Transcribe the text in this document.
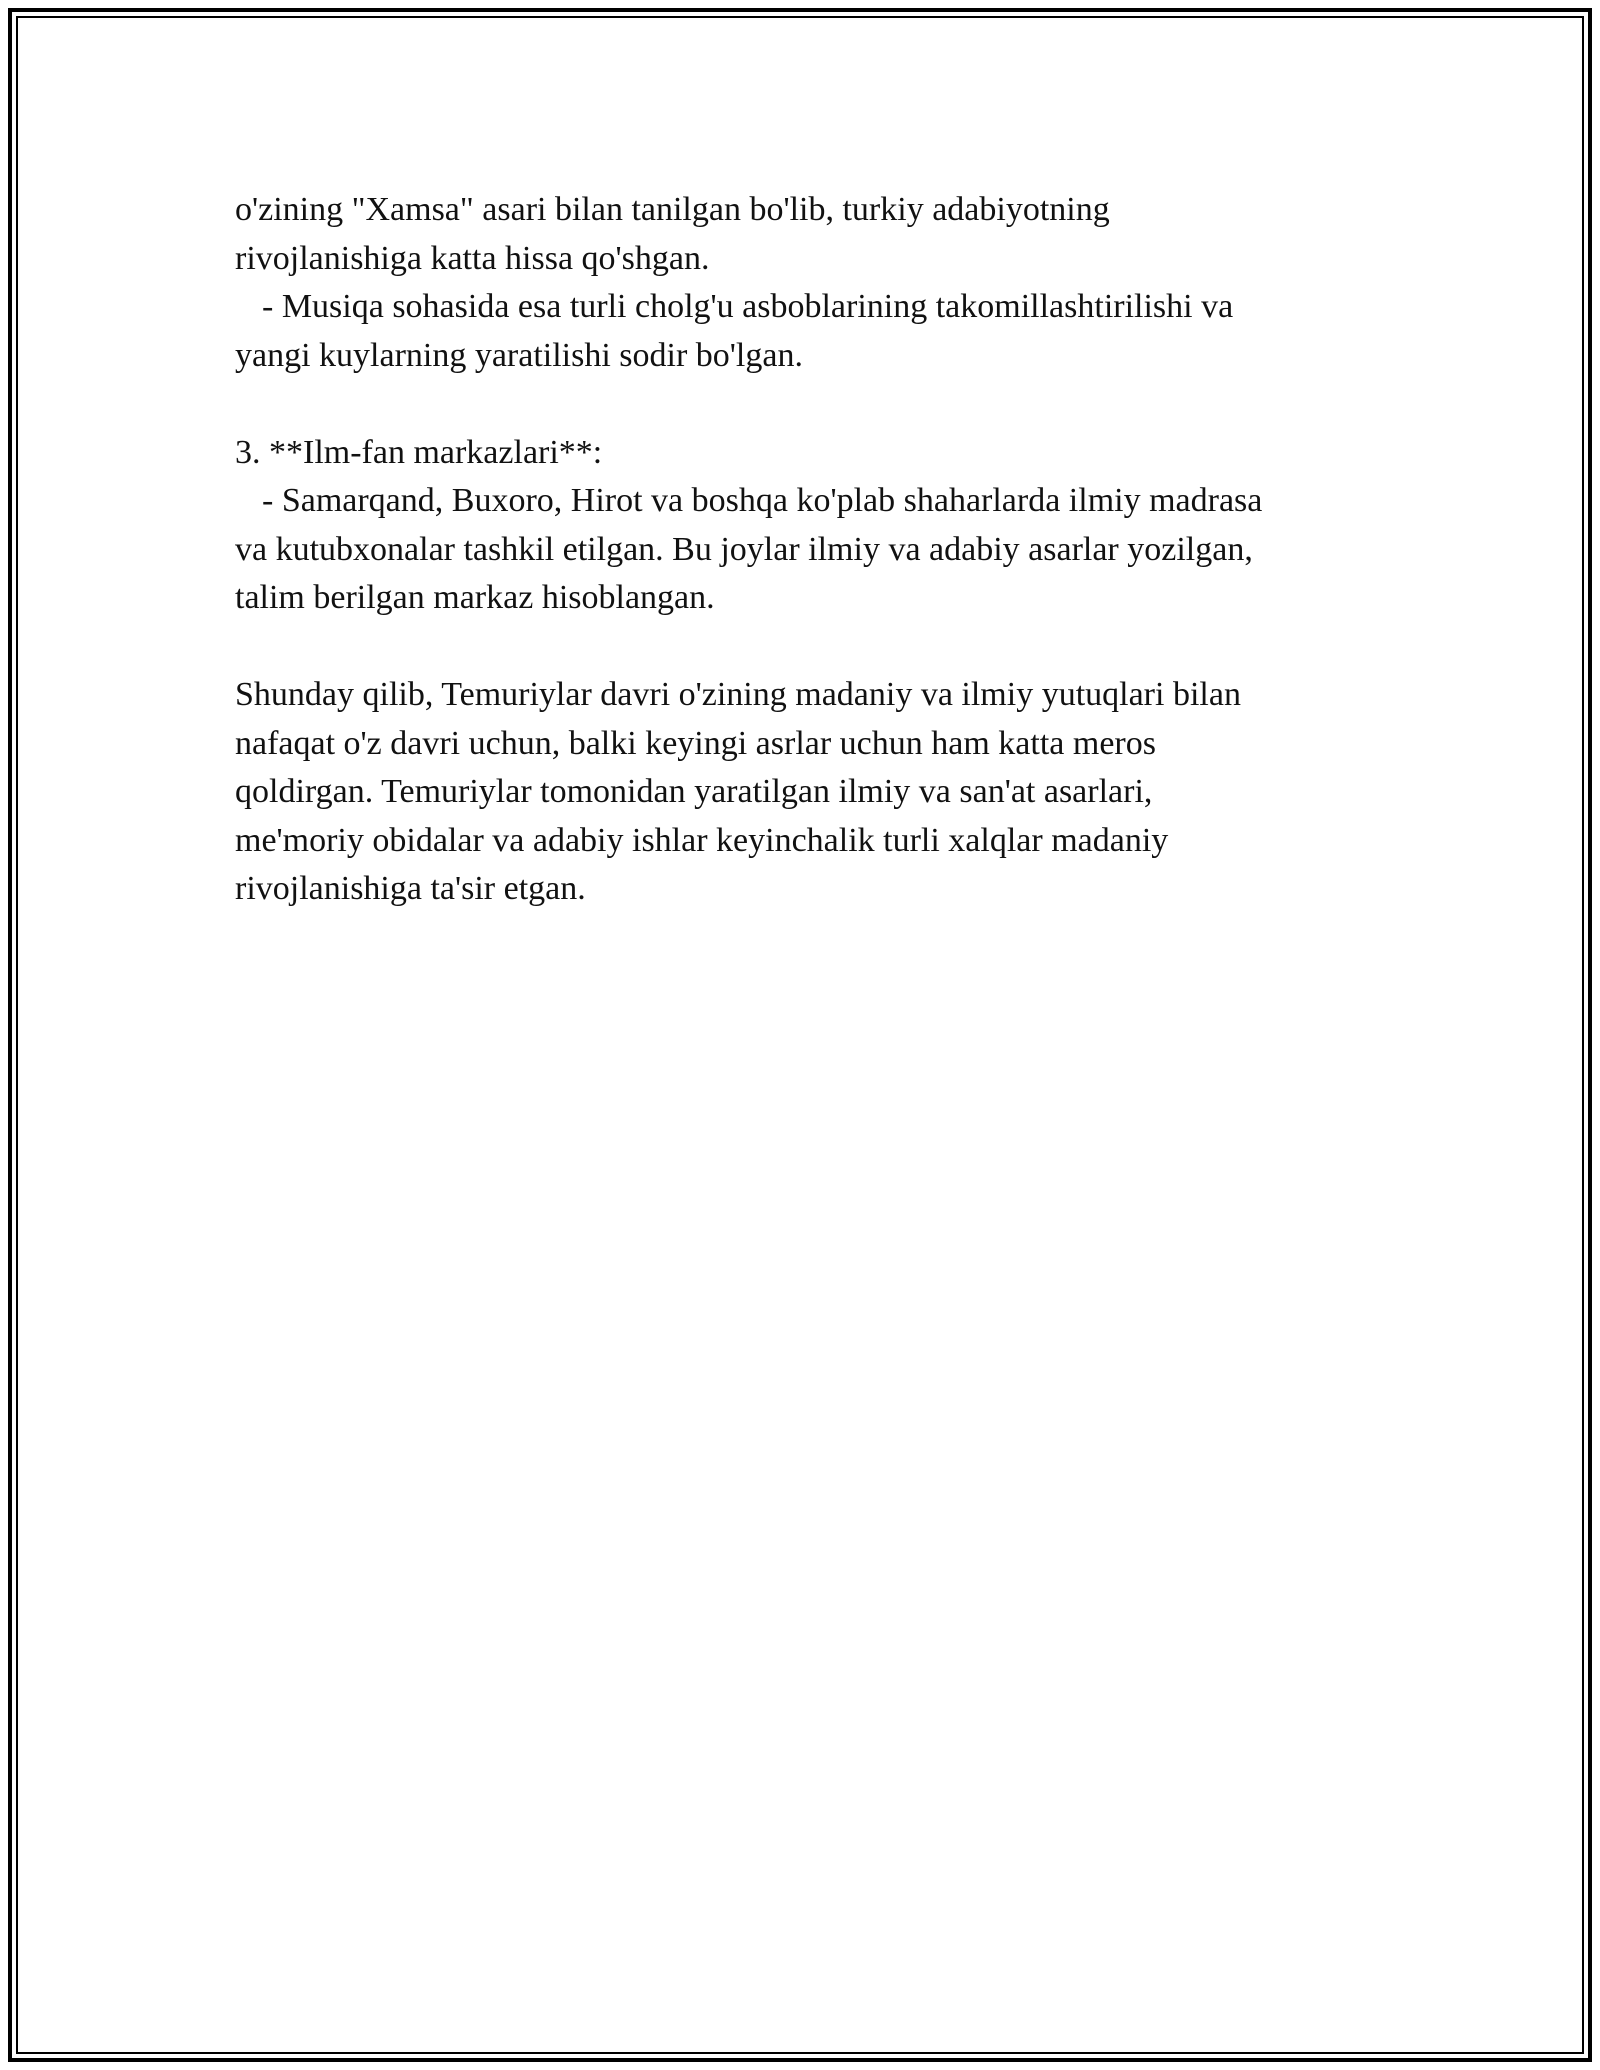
o'zining "Xamsa" asari bilan tanilgan bo'lib, turkiy adabiyotning
rivojlanishiga katta hissa qo'shgan.
- Musiqa sohasida esa turli cholg'u asboblarining takomillashtirilishi va
yangi kuylarning yaratilishi sodir bo'lgan.
3. **Ilm-fan markazlari**:
- Samarqand, Buxoro, Hirot va boshqa ko'plab shaharlarda ilmiy madrasa
va kutubxonalar tashkil etilgan. Bu joylar ilmiy va adabiy asarlar yozilgan,
talim berilgan markaz hisoblangan.
Shunday qilib, Temuriylar davri o'zining madaniy va ilmiy yutuqlari bilan
nafaqat o'z davri uchun, balki keyingi asrlar uchun ham katta meros
qoldirgan. Temuriylar tomonidan yaratilgan ilmiy va san'at asarlari,
me'moriy obidalar va adabiy ishlar keyinchalik turli xalqlar madaniy
rivojlanishiga ta'sir etgan.
